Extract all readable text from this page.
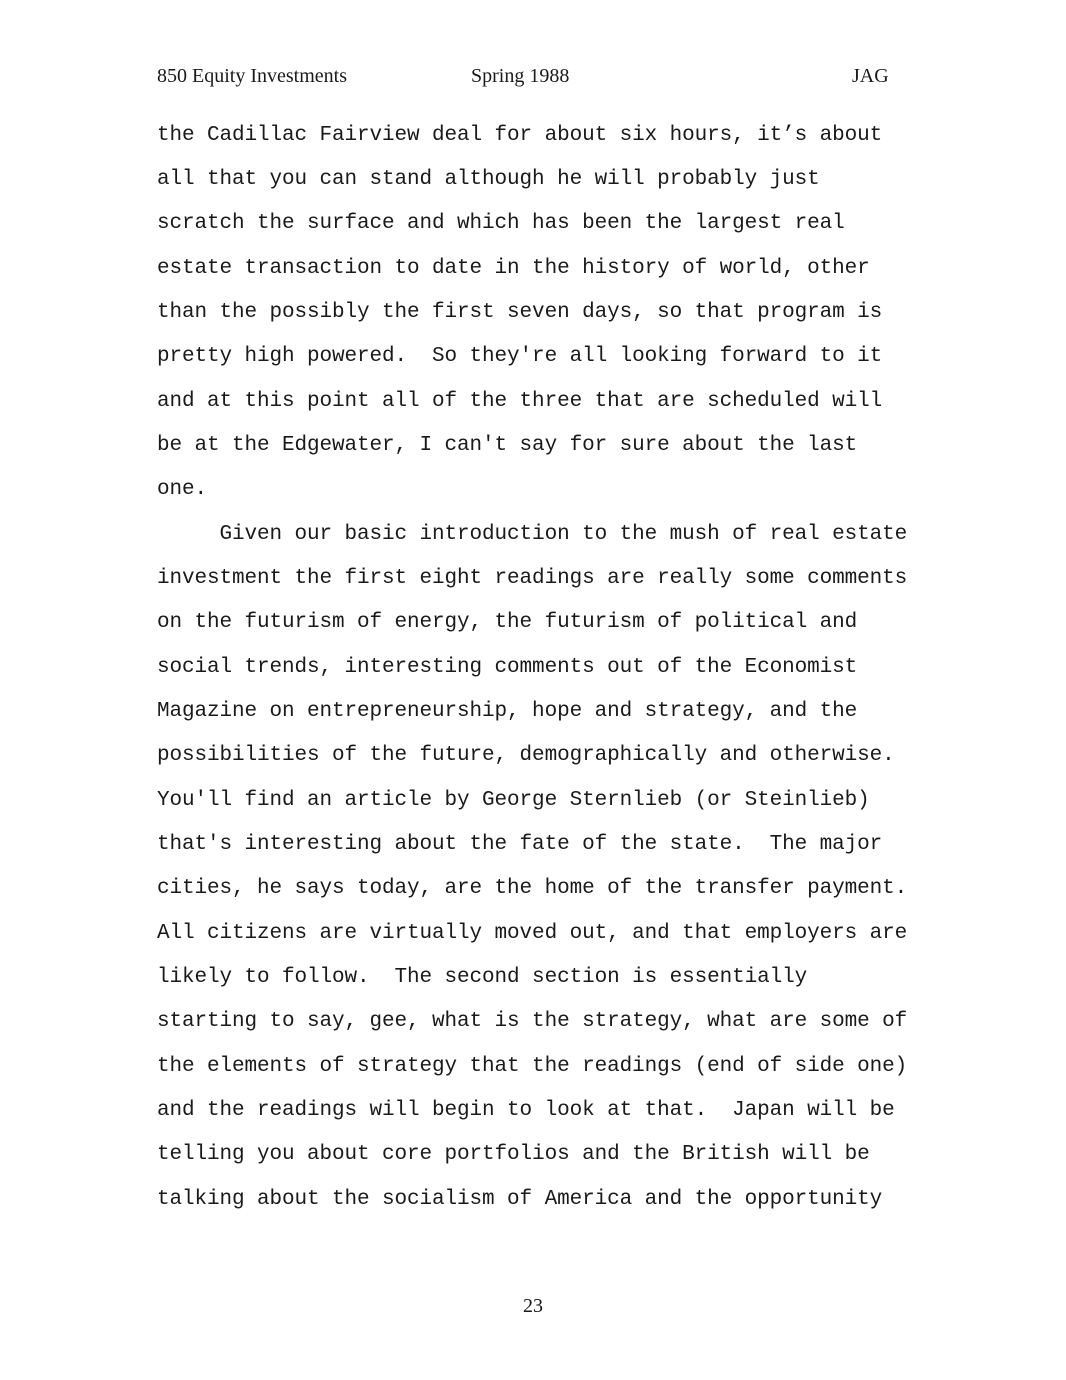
850 Equity Investments	Spring 1988	JAG
the Cadillac Fairview deal for about six hours, it’s about
all that you can stand although he will probably just
scratch the surface and which has been the largest real
estate transaction to date in the history of world, other
than the possibly the first seven days, so that program is
pretty high powered.  So they're all looking forward to it
and at this point all of the three that are scheduled will
be at the Edgewater, I can't say for sure about the last
one.
Given our basic introduction to the mush of real estate
investment the first eight readings are really some comments
on the futurism of energy, the futurism of political and
social trends, interesting comments out of the Economist
Magazine on entrepreneurship, hope and strategy, and the
possibilities of the future, demographically and otherwise.
You'll find an article by George Sternlieb (or Steinlieb)
that's interesting about the fate of the state.  The major
cities, he says today, are the home of the transfer payment.
All citizens are virtually moved out, and that employers are
likely to follow.  The second section is essentially
starting to say, gee, what is the strategy, what are some of
the elements of strategy that the readings (end of side one)
and the readings will begin to look at that.  Japan will be
telling you about core portfolios and the British will be
talking about the socialism of America and the opportunity
23
